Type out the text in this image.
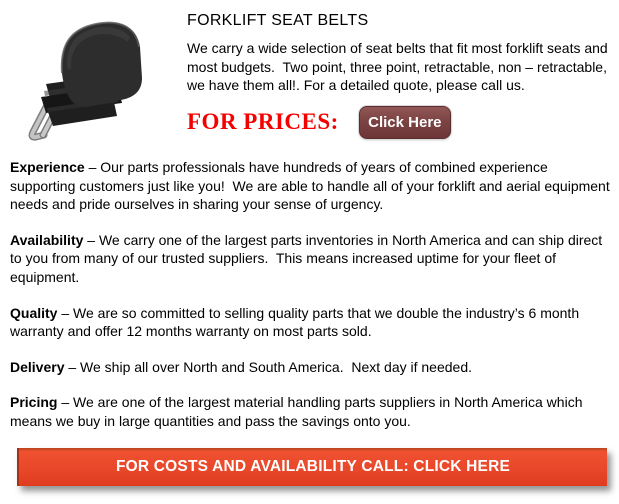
FORKLIFT SEAT BELTS

We carry a wide selection of seat belts that fit most forklift seats and most budgets.  Two point, three point, retractable, non – retractable, we have them all!. For a detailed quote, please call us.

FOR PRICES:	Click Here

Experience – Our parts professionals have hundreds of years of combined experience supporting customers just like you!  We are able to handle all of your forklift and aerial equipment needs and pride ourselves in sharing your sense of urgency.

Availability – We carry one of the largest parts inventories in North America and can ship direct to you from many of our trusted suppliers.  This means increased uptime for your fleet of equipment.

Quality – We are so committed to selling quality parts that we double the industry’s 6 month warranty and offer 12 months warranty on most parts sold.

Delivery – We ship all over North and South America.  Next day if needed.

Pricing – We are one of the largest material handling parts suppliers in North America which means we buy in large quantities and pass the savings onto you.

FOR COSTS AND AVAILABILITY CALL: CLICK HERE
